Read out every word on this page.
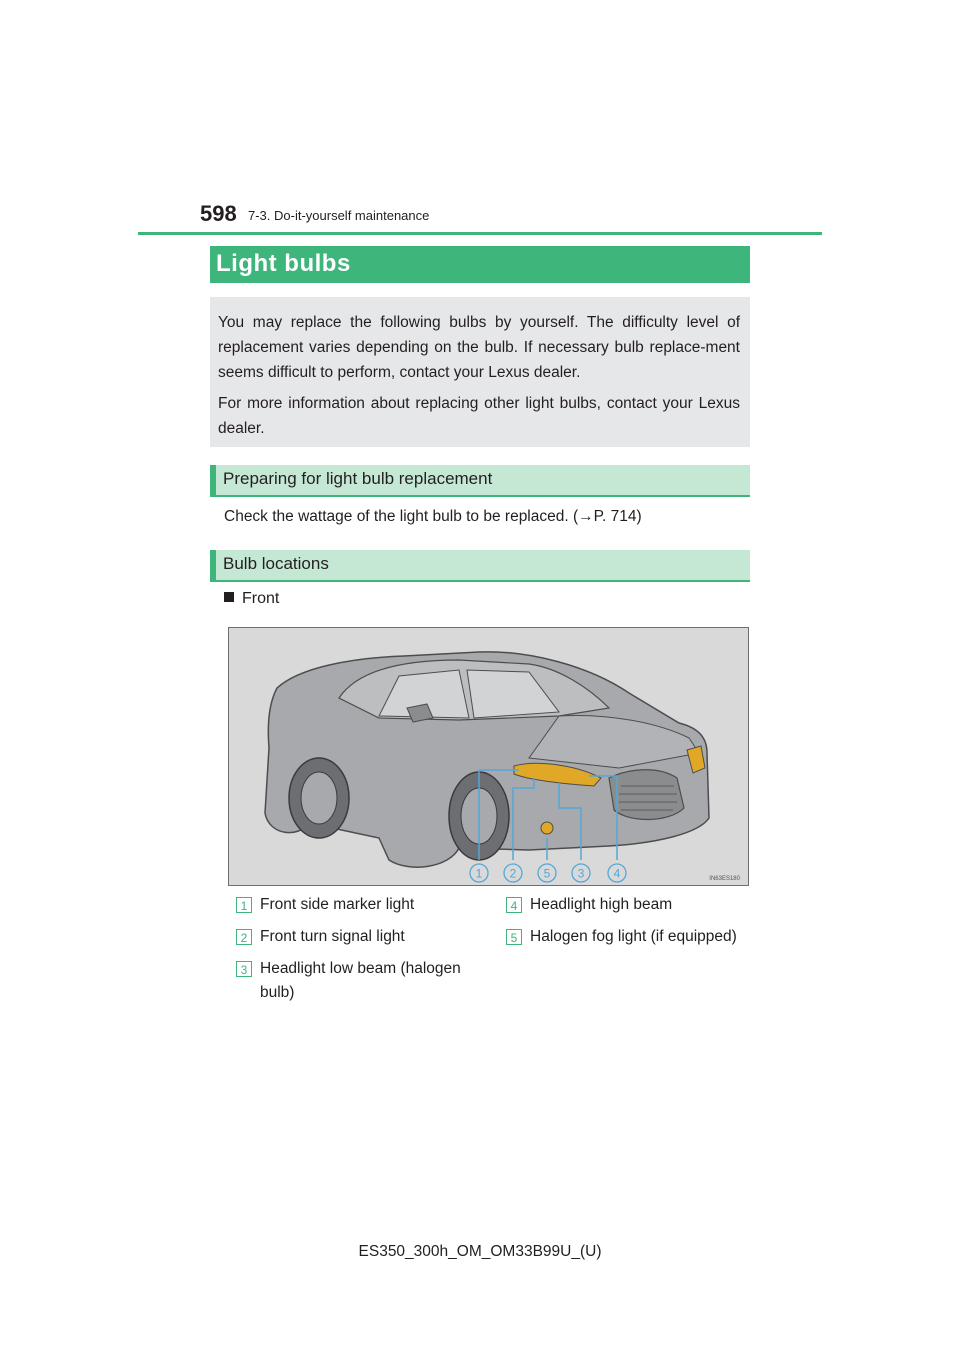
598 7-3. Do-it-yourself maintenance
Light bulbs
You may replace the following bulbs by yourself. The difficulty level of replacement varies depending on the bulb. If necessary bulb replace-ment seems difficult to perform, contact your Lexus dealer.
For more information about replacing other light bulbs, contact your Lexus dealer.
Preparing for light bulb replacement
Check the wattage of the light bulb to be replaced. (→P. 714)
Bulb locations
Front
1 2 5 3 4	IN63ES180
1 Front side marker light
2 Front turn signal light
3 Headlight low beam (halogen bulb)
4 Headlight high beam
5 Halogen fog light (if equipped)
ES350_300h_OM_OM33B99U_(U)
